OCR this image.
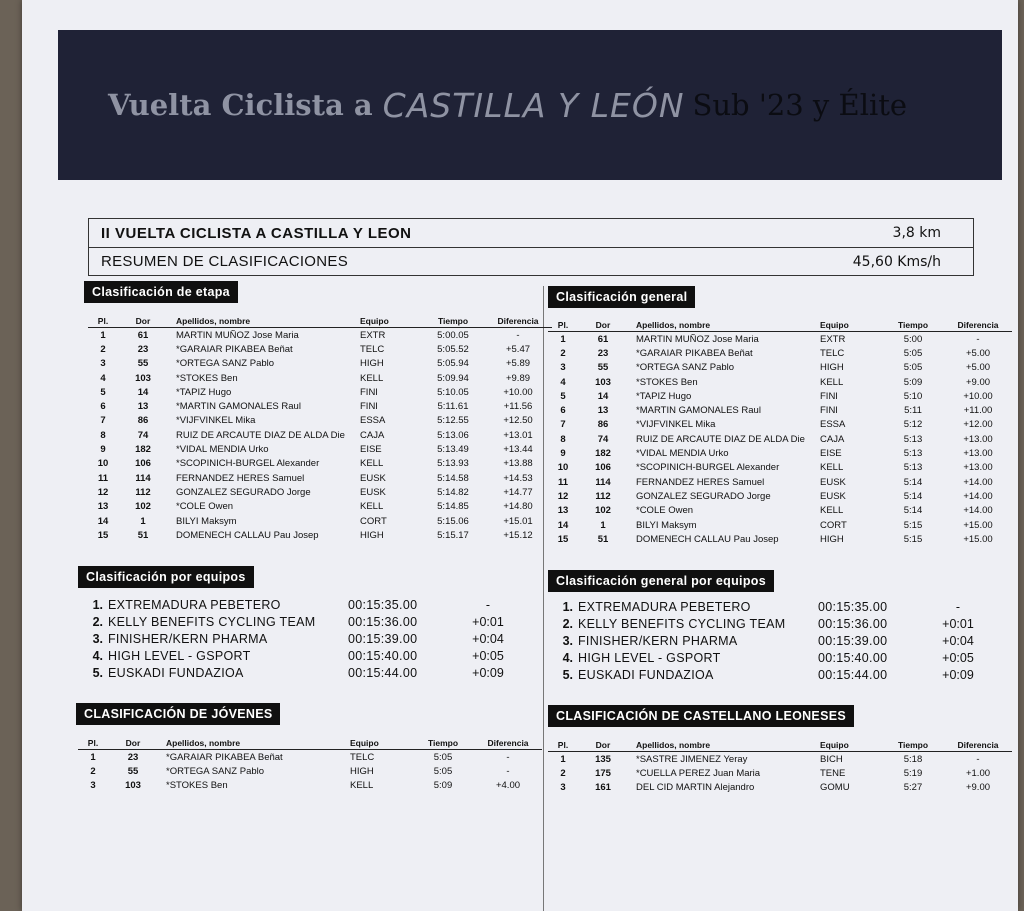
Vuelta Ciclista a CASTILLA Y LEÓN Sub '23 y Élite
II VUELTA CICLISTA A CASTILLA Y LEON	3,8 km
RESUMEN DE CLASIFICACIONES	45,60 Kms/h
Clasificación de etapa
Pl.	Dor	Apellidos, nombre	Equipo	Tiempo	Diferencia
1	61	MARTIN MUÑOZ Jose Maria	EXTR	5:00.05	-
2	23	*GARAIAR PIKABEA Beñat	TELC	5:05.52	+5.47
3	55	*ORTEGA SANZ Pablo	HIGH	5:05.94	+5.89
4	103	*STOKES Ben	KELL	5:09.94	+9.89
5	14	*TAPIZ Hugo	FINI	5:10.05	+10.00
6	13	*MARTIN GAMONALES Raul	FINI	5:11.61	+11.56
7	86	*VIJFVINKEL Mika	ESSA	5:12.55	+12.50
8	74	RUIZ DE ARCAUTE DIAZ DE ALDA Die	CAJA	5:13.06	+13.01
9	182	*VIDAL MENDIA Urko	EISE	5:13.49	+13.44
10	106	*SCOPINICH-BURGEL Alexander	KELL	5:13.93	+13.88
11	114	FERNANDEZ HERES Samuel	EUSK	5:14.58	+14.53
12	112	GONZALEZ SEGURADO Jorge	EUSK	5:14.82	+14.77
13	102	*COLE Owen	KELL	5:14.85	+14.80
14	1	BILYI Maksym	CORT	5:15.06	+15.01
15	51	DOMENECH CALLAU Pau Josep	HIGH	5:15.17	+15.12
Clasificación general
Pl.	Dor	Apellidos, nombre	Equipo	Tiempo	Diferencia
1	61	MARTIN MUÑOZ Jose Maria	EXTR	5:00	-
2	23	*GARAIAR PIKABEA Beñat	TELC	5:05	+5.00
3	55	*ORTEGA SANZ Pablo	HIGH	5:05	+5.00
4	103	*STOKES Ben	KELL	5:09	+9.00
5	14	*TAPIZ Hugo	FINI	5:10	+10.00
6	13	*MARTIN GAMONALES Raul	FINI	5:11	+11.00
7	86	*VIJFVINKEL Mika	ESSA	5:12	+12.00
8	74	RUIZ DE ARCAUTE DIAZ DE ALDA Die	CAJA	5:13	+13.00
9	182	*VIDAL MENDIA Urko	EISE	5:13	+13.00
10	106	*SCOPINICH-BURGEL Alexander	KELL	5:13	+13.00
11	114	FERNANDEZ HERES Samuel	EUSK	5:14	+14.00
12	112	GONZALEZ SEGURADO Jorge	EUSK	5:14	+14.00
13	102	*COLE Owen	KELL	5:14	+14.00
14	1	BILYI Maksym	CORT	5:15	+15.00
15	51	DOMENECH CALLAU Pau Josep	HIGH	5:15	+15.00
Clasificación por equipos
1. EXTREMADURA PEBETERO	00:15:35.00	-
2. KELLY BENEFITS CYCLING TEAM	00:15:36.00	+0:01
3. FINISHER/KERN PHARMA	00:15:39.00	+0:04
4. HIGH LEVEL - GSPORT	00:15:40.00	+0:05
5. EUSKADI FUNDAZIOA	00:15:44.00	+0:09
Clasificación general por equipos
1. EXTREMADURA PEBETERO	00:15:35.00	-
2. KELLY BENEFITS CYCLING TEAM	00:15:36.00	+0:01
3. FINISHER/KERN PHARMA	00:15:39.00	+0:04
4. HIGH LEVEL - GSPORT	00:15:40.00	+0:05
5. EUSKADI FUNDAZIOA	00:15:44.00	+0:09
CLASIFICACIÓN DE JÓVENES
Pl.	Dor	Apellidos, nombre	Equipo	Tiempo	Diferencia
1	23	*GARAIAR PIKABEA Beñat	TELC	5:05	-
2	55	*ORTEGA SANZ Pablo	HIGH	5:05	-
3	103	*STOKES Ben	KELL	5:09	+4.00
CLASIFICACIÓN DE CASTELLANO LEONESES
Pl.	Dor	Apellidos, nombre	Equipo	Tiempo	Diferencia
1	135	*SASTRE JIMENEZ Yeray	BICH	5:18	-
2	175	*CUELLA PEREZ Juan Maria	TENE	5:19	+1.00
3	161	DEL CID MARTIN Alejandro	GOMU	5:27	+9.00
